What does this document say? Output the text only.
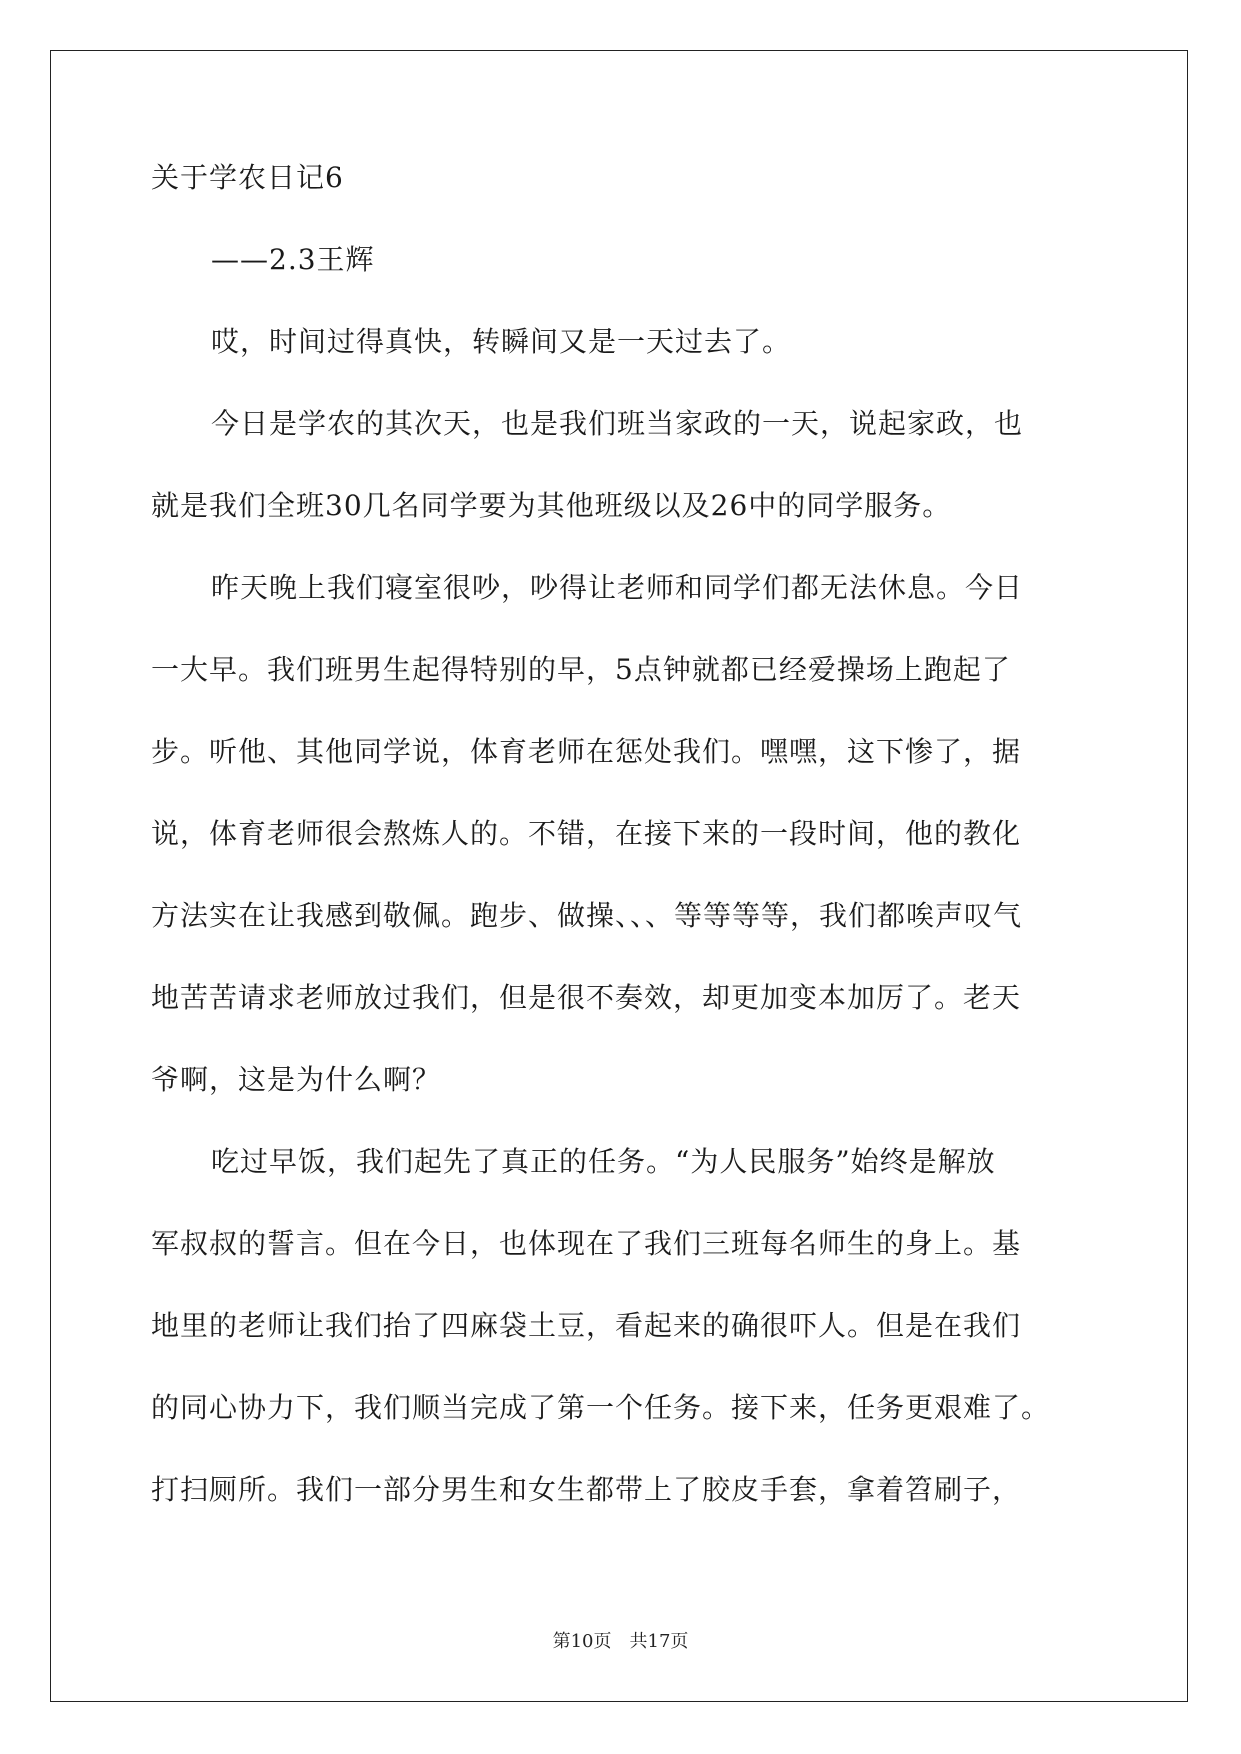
关于学农日记6
——2.3王辉
哎，时间过得真快，转瞬间又是一天过去了。
今日是学农的其次天，也是我们班当家政的一天，说起家政，也
就是我们全班30几名同学要为其他班级以及26中的同学服务。
昨天晚上我们寝室很吵，吵得让老师和同学们都无法休息。今日
一大早。我们班男生起得特别的早，5点钟就都已经爱操场上跑起了
步。听他、其他同学说，体育老师在惩处我们。嘿嘿，这下惨了，据
说，体育老师很会熬炼人的。不错，在接下来的一段时间，他的教化
方法实在让我感到敬佩。跑步、做操、、、等等等等，我们都唉声叹气
地苦苦请求老师放过我们，但是很不奏效，却更加变本加厉了。老天
爷啊，这是为什么啊？
吃过早饭，我们起先了真正的任务。“为人民服务”始终是解放
军叔叔的誓言。但在今日，也体现在了我们三班每名师生的身上。基
地里的老师让我们抬了四麻袋土豆，看起来的确很吓人。但是在我们
的同心协力下，我们顺当完成了第一个任务。接下来，任务更艰难了。
打扫厕所。我们一部分男生和女生都带上了胶皮手套，拿着笤刷子，
第10页 共17页
